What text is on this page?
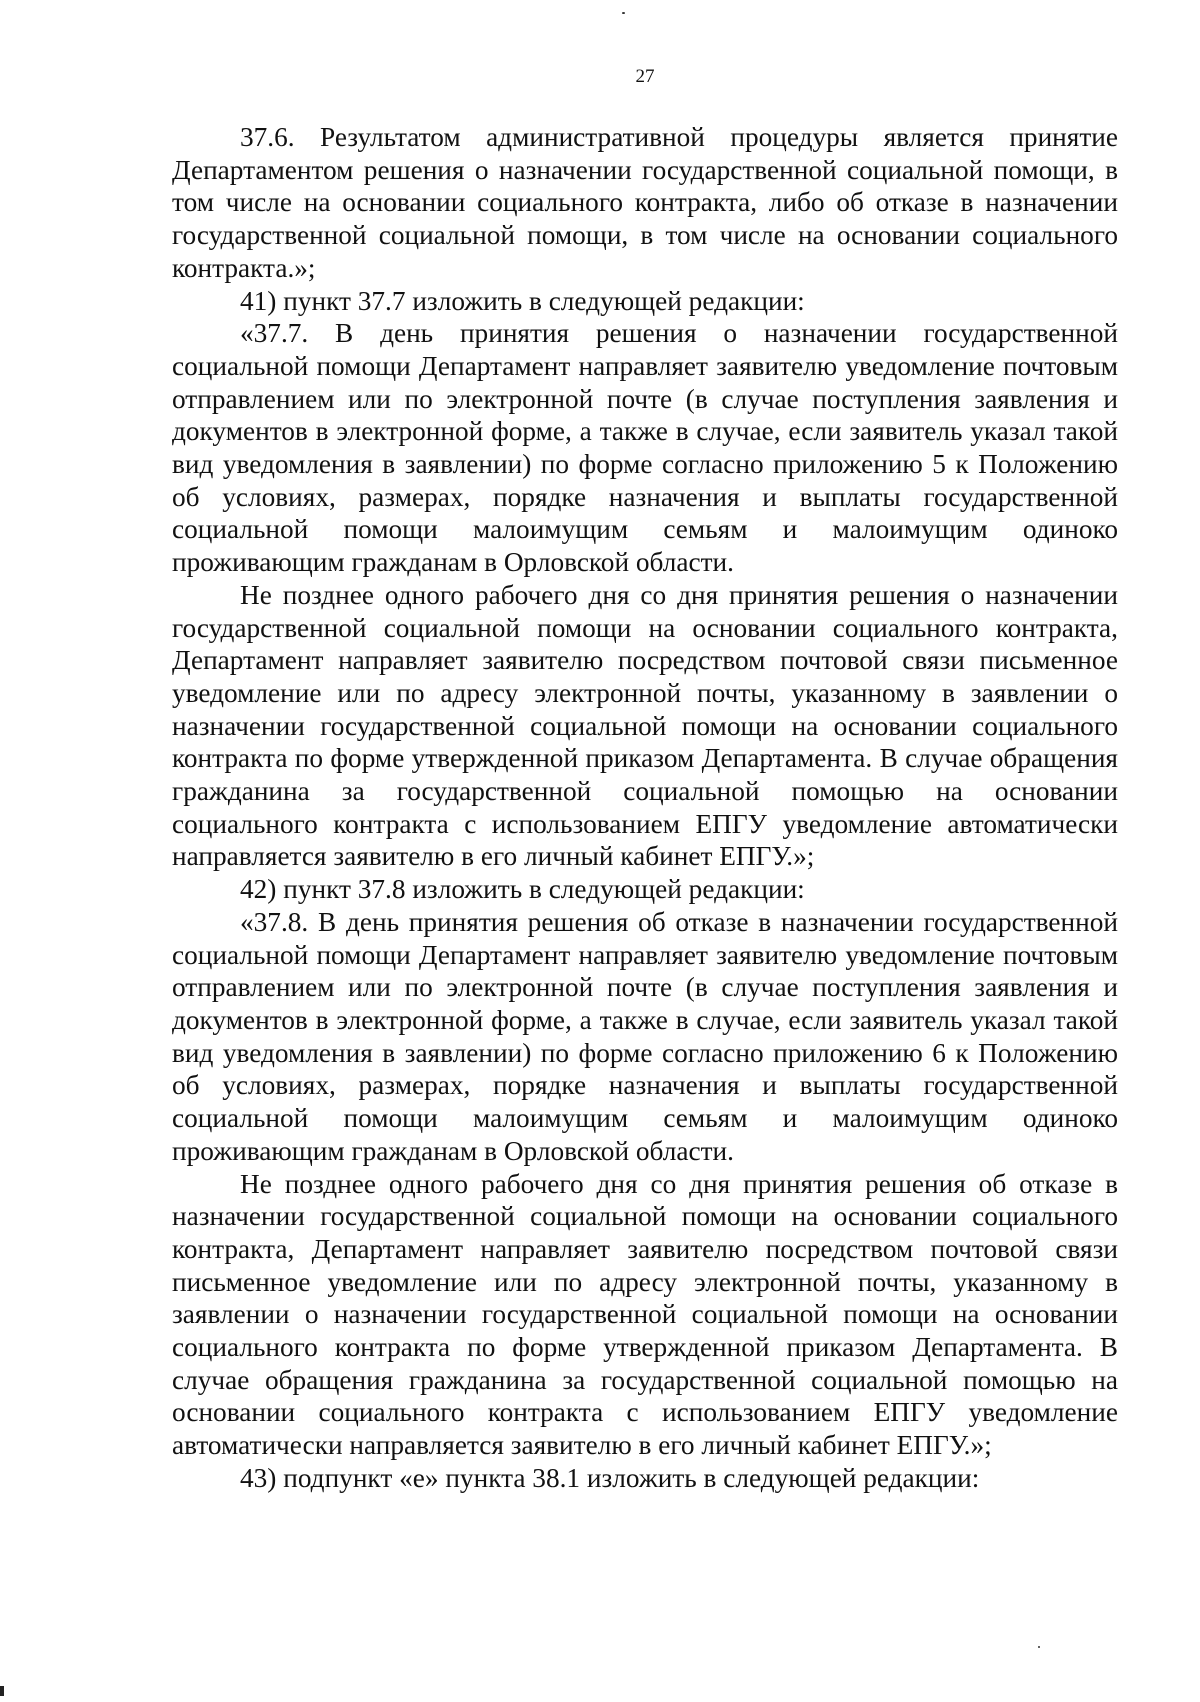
27

37.6. Результатом административной процедуры является принятие Департаментом решения о назначении государственной социальной помощи, в том числе на основании социального контракта, либо об отказе в назначении государственной социальной помощи, в том числе на основании социального контракта.»;

41) пункт 37.7 изложить в следующей редакции:

«37.7. В день принятия решения о назначении государственной социальной помощи Департамент направляет заявителю уведомление почтовым отправлением или по электронной почте (в случае поступления заявления и документов в электронной форме, а также в случае, если заявитель указал такой вид уведомления в заявлении) по форме согласно приложению 5 к Положению об условиях, размерах, порядке назначения и выплаты государственной социальной помощи малоимущим семьям и малоимущим одиноко проживающим гражданам в Орловской области.

Не позднее одного рабочего дня со дня принятия решения о назначении государственной социальной помощи на основании социального контракта, Департамент направляет заявителю посредством почтовой связи письменное уведомление или по адресу электронной почты, указанному в заявлении о назначении государственной социальной помощи на основании социального контракта по форме утвержденной приказом Департамента. В случае обращения гражданина за государственной социальной помощью на основании социального контракта с использованием ЕПГУ уведомление автоматически направляется заявителю в его личный кабинет ЕПГУ.»;

42) пункт 37.8 изложить в следующей редакции:

«37.8. В день принятия решения об отказе в назначении государственной социальной помощи Департамент направляет заявителю уведомление почтовым отправлением или по электронной почте (в случае поступления заявления и документов в электронной форме, а также в случае, если заявитель указал такой вид уведомления в заявлении) по форме согласно приложению 6 к Положению об условиях, размерах, порядке назначения и выплаты государственной социальной помощи малоимущим семьям и малоимущим одиноко проживающим гражданам в Орловской области.

Не позднее одного рабочего дня со дня принятия решения об отказе в назначении государственной социальной помощи на основании социального контракта, Департамент направляет заявителю посредством почтовой связи письменное уведомление или по адресу электронной почты, указанному в заявлении о назначении государственной социальной помощи на основании социального контракта по форме утвержденной приказом Департамента. В случае обращения гражданина за государственной социальной помощью на основании социального контракта с использованием ЕПГУ уведомление автоматически направляется заявителю в его личный кабинет ЕПГУ.»;

43) подпункт «е» пункта 38.1 изложить в следующей редакции:
